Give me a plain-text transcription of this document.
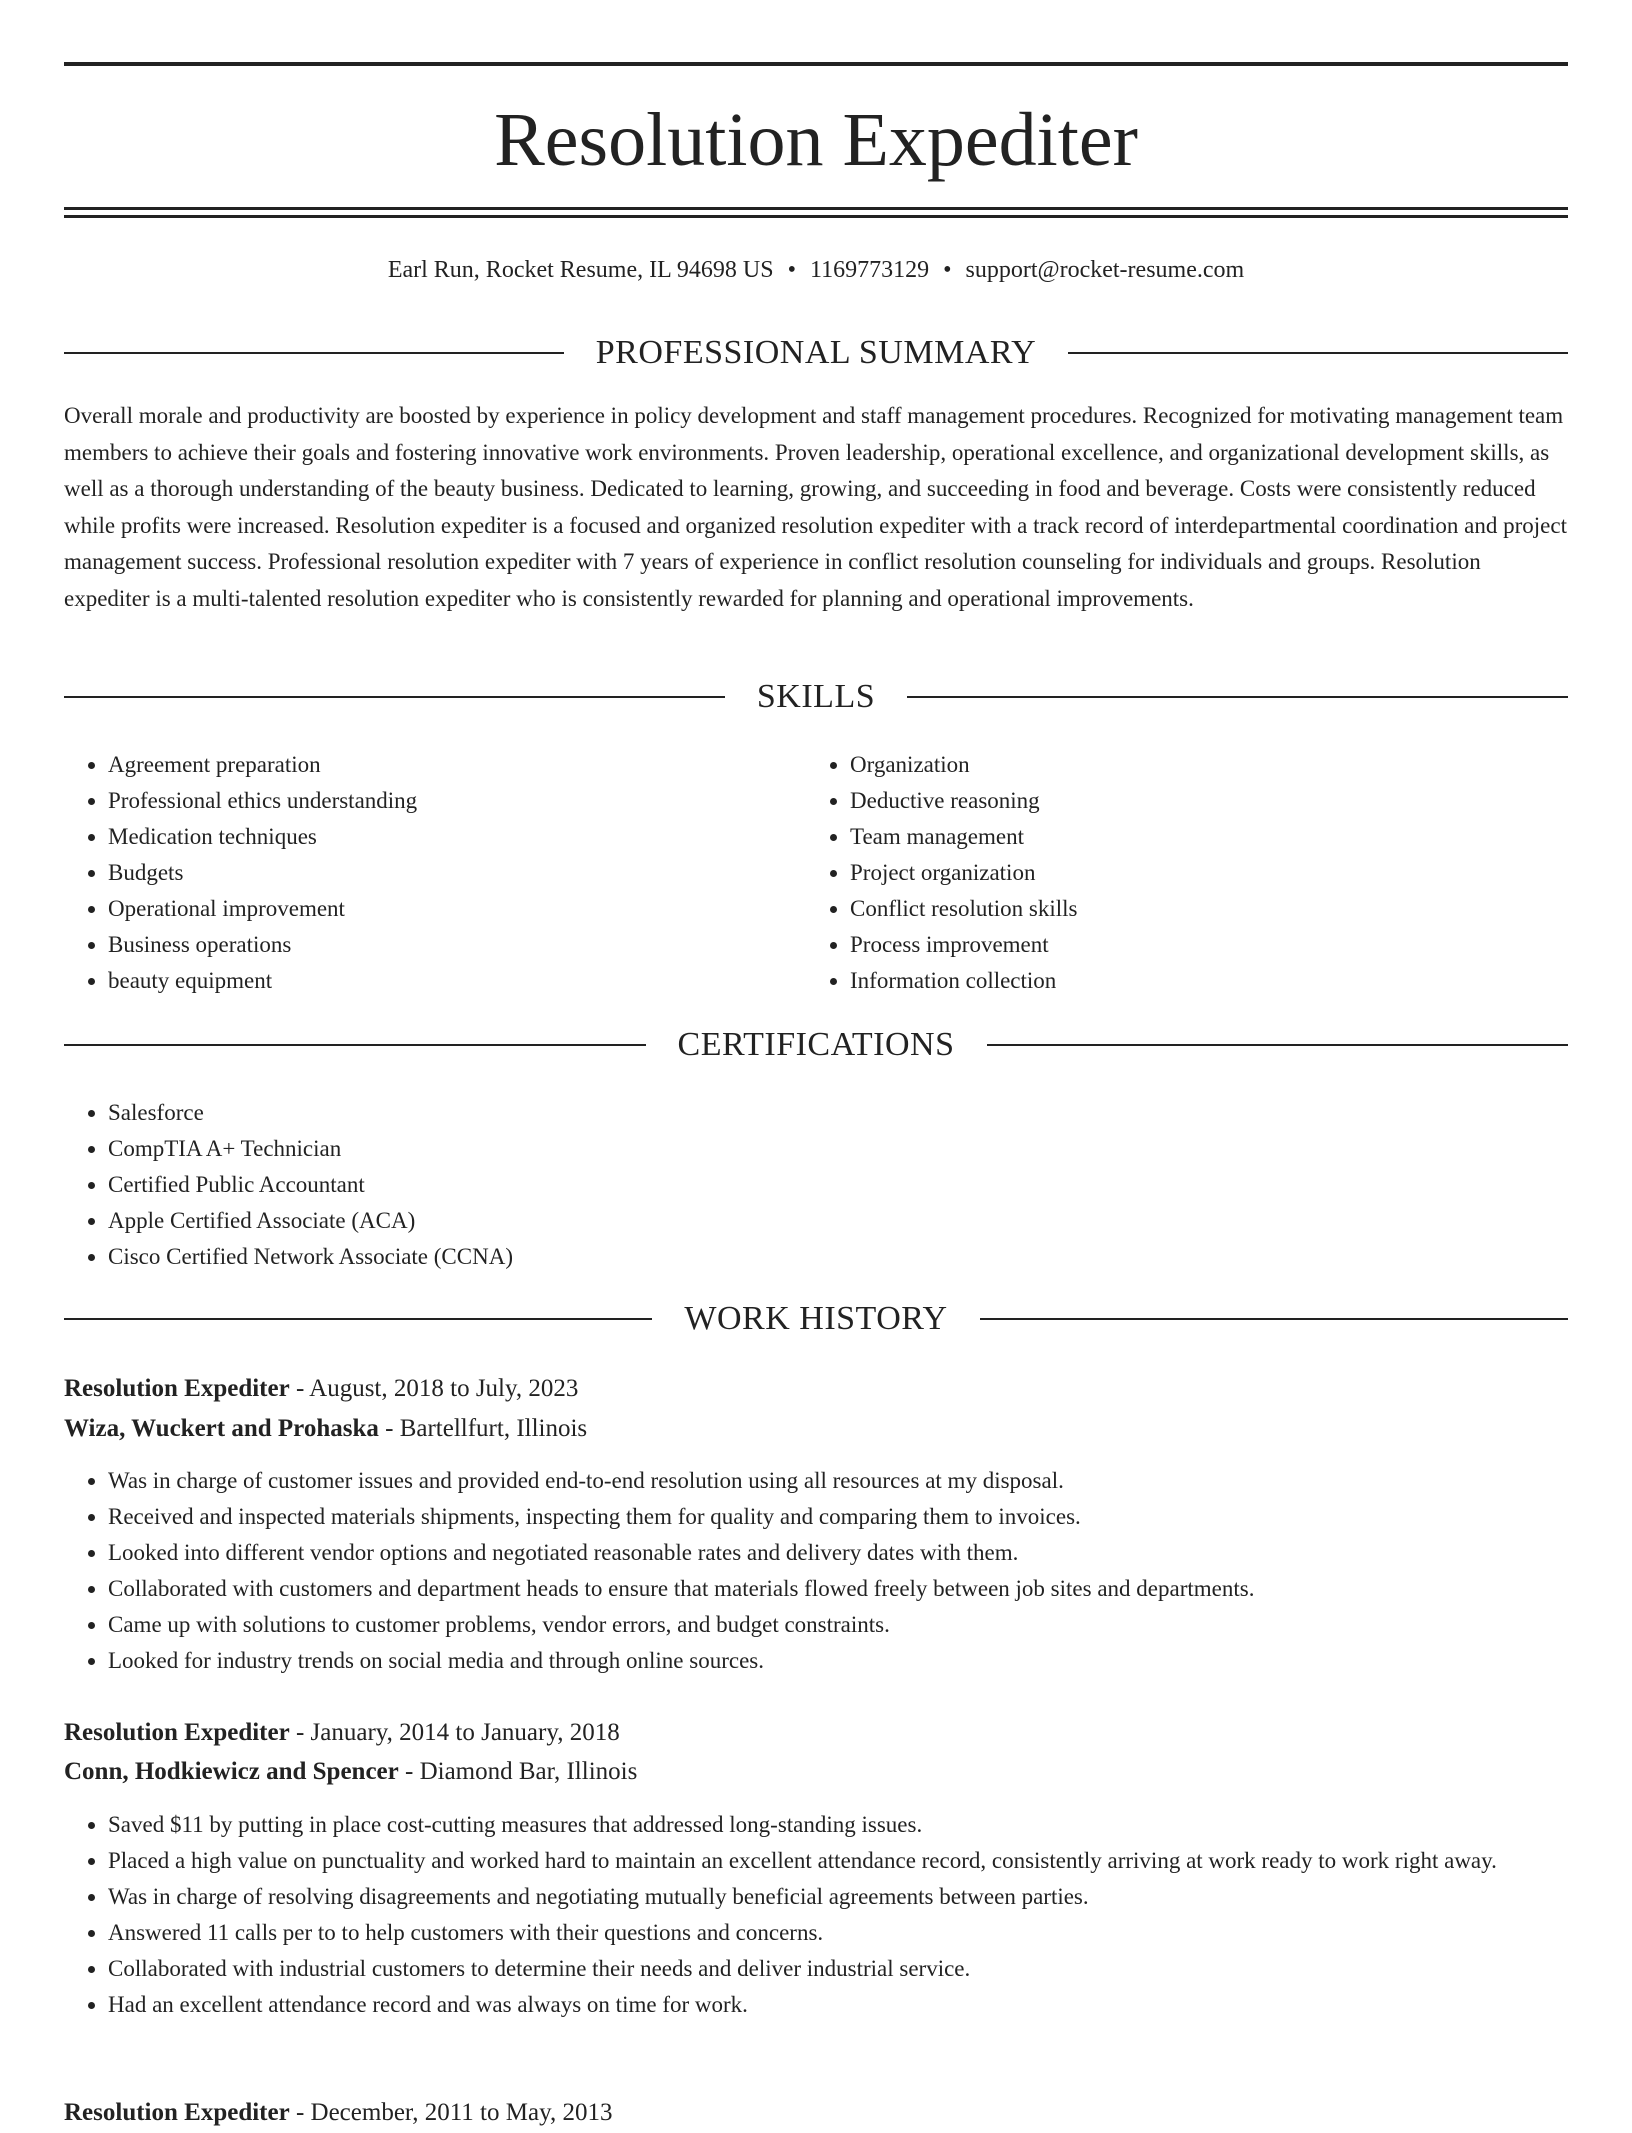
Resolution Expediter
Earl Run, Rocket Resume, IL 94698 US • 1169773129 • support@rocket-resume.com
PROFESSIONAL SUMMARY

Overall morale and productivity are boosted by experience in policy development and staff management procedures. Recognized for motivating management team members to achieve their goals and fostering innovative work environments. Proven leadership, operational excellence, and organizational development skills, as well as a thorough understanding of the beauty business. Dedicated to learning, growing, and succeeding in food and beverage. Costs were consistently reduced while profits were increased. Resolution expediter is a focused and organized resolution expediter with a track record of interdepartmental coordination and project management success. Professional resolution expediter with 7 years of experience in conflict resolution counseling for individuals and groups. Resolution expediter is a multi-talented resolution expediter who is consistently rewarded for planning and operational improvements.

SKILLS
• Agreement preparation
• Professional ethics understanding
• Medication techniques
• Budgets
• Operational improvement
• Business operations
• beauty equipment
• Organization
• Deductive reasoning
• Team management
• Project organization
• Conflict resolution skills
• Process improvement
• Information collection
CERTIFICATIONS
• Salesforce
• CompTIA A+ Technician
• Certified Public Accountant
• Apple Certified Associate (ACA)
• Cisco Certified Network Associate (CCNA)
WORK HISTORY
Resolution Expediter - August, 2018 to July, 2023
Wiza, Wuckert and Prohaska - Bartellfurt, Illinois
• Was in charge of customer issues and provided end-to-end resolution using all resources at my disposal.
• Received and inspected materials shipments, inspecting them for quality and comparing them to invoices.
• Looked into different vendor options and negotiated reasonable rates and delivery dates with them.
• Collaborated with customers and department heads to ensure that materials flowed freely between job sites and departments.
• Came up with solutions to customer problems, vendor errors, and budget constraints.
• Looked for industry trends on social media and through online sources.
Resolution Expediter - January, 2014 to January, 2018
Conn, Hodkiewicz and Spencer - Diamond Bar, Illinois
• Saved $11 by putting in place cost-cutting measures that addressed long-standing issues.
• Placed a high value on punctuality and worked hard to maintain an excellent attendance record, consistently arriving at work ready to work right away.
• Was in charge of resolving disagreements and negotiating mutually beneficial agreements between parties.
• Answered 11 calls per to to help customers with their questions and concerns.
• Collaborated with industrial customers to determine their needs and deliver industrial service.
• Had an excellent attendance record and was always on time for work.
Resolution Expediter - December, 2011 to May, 2013
